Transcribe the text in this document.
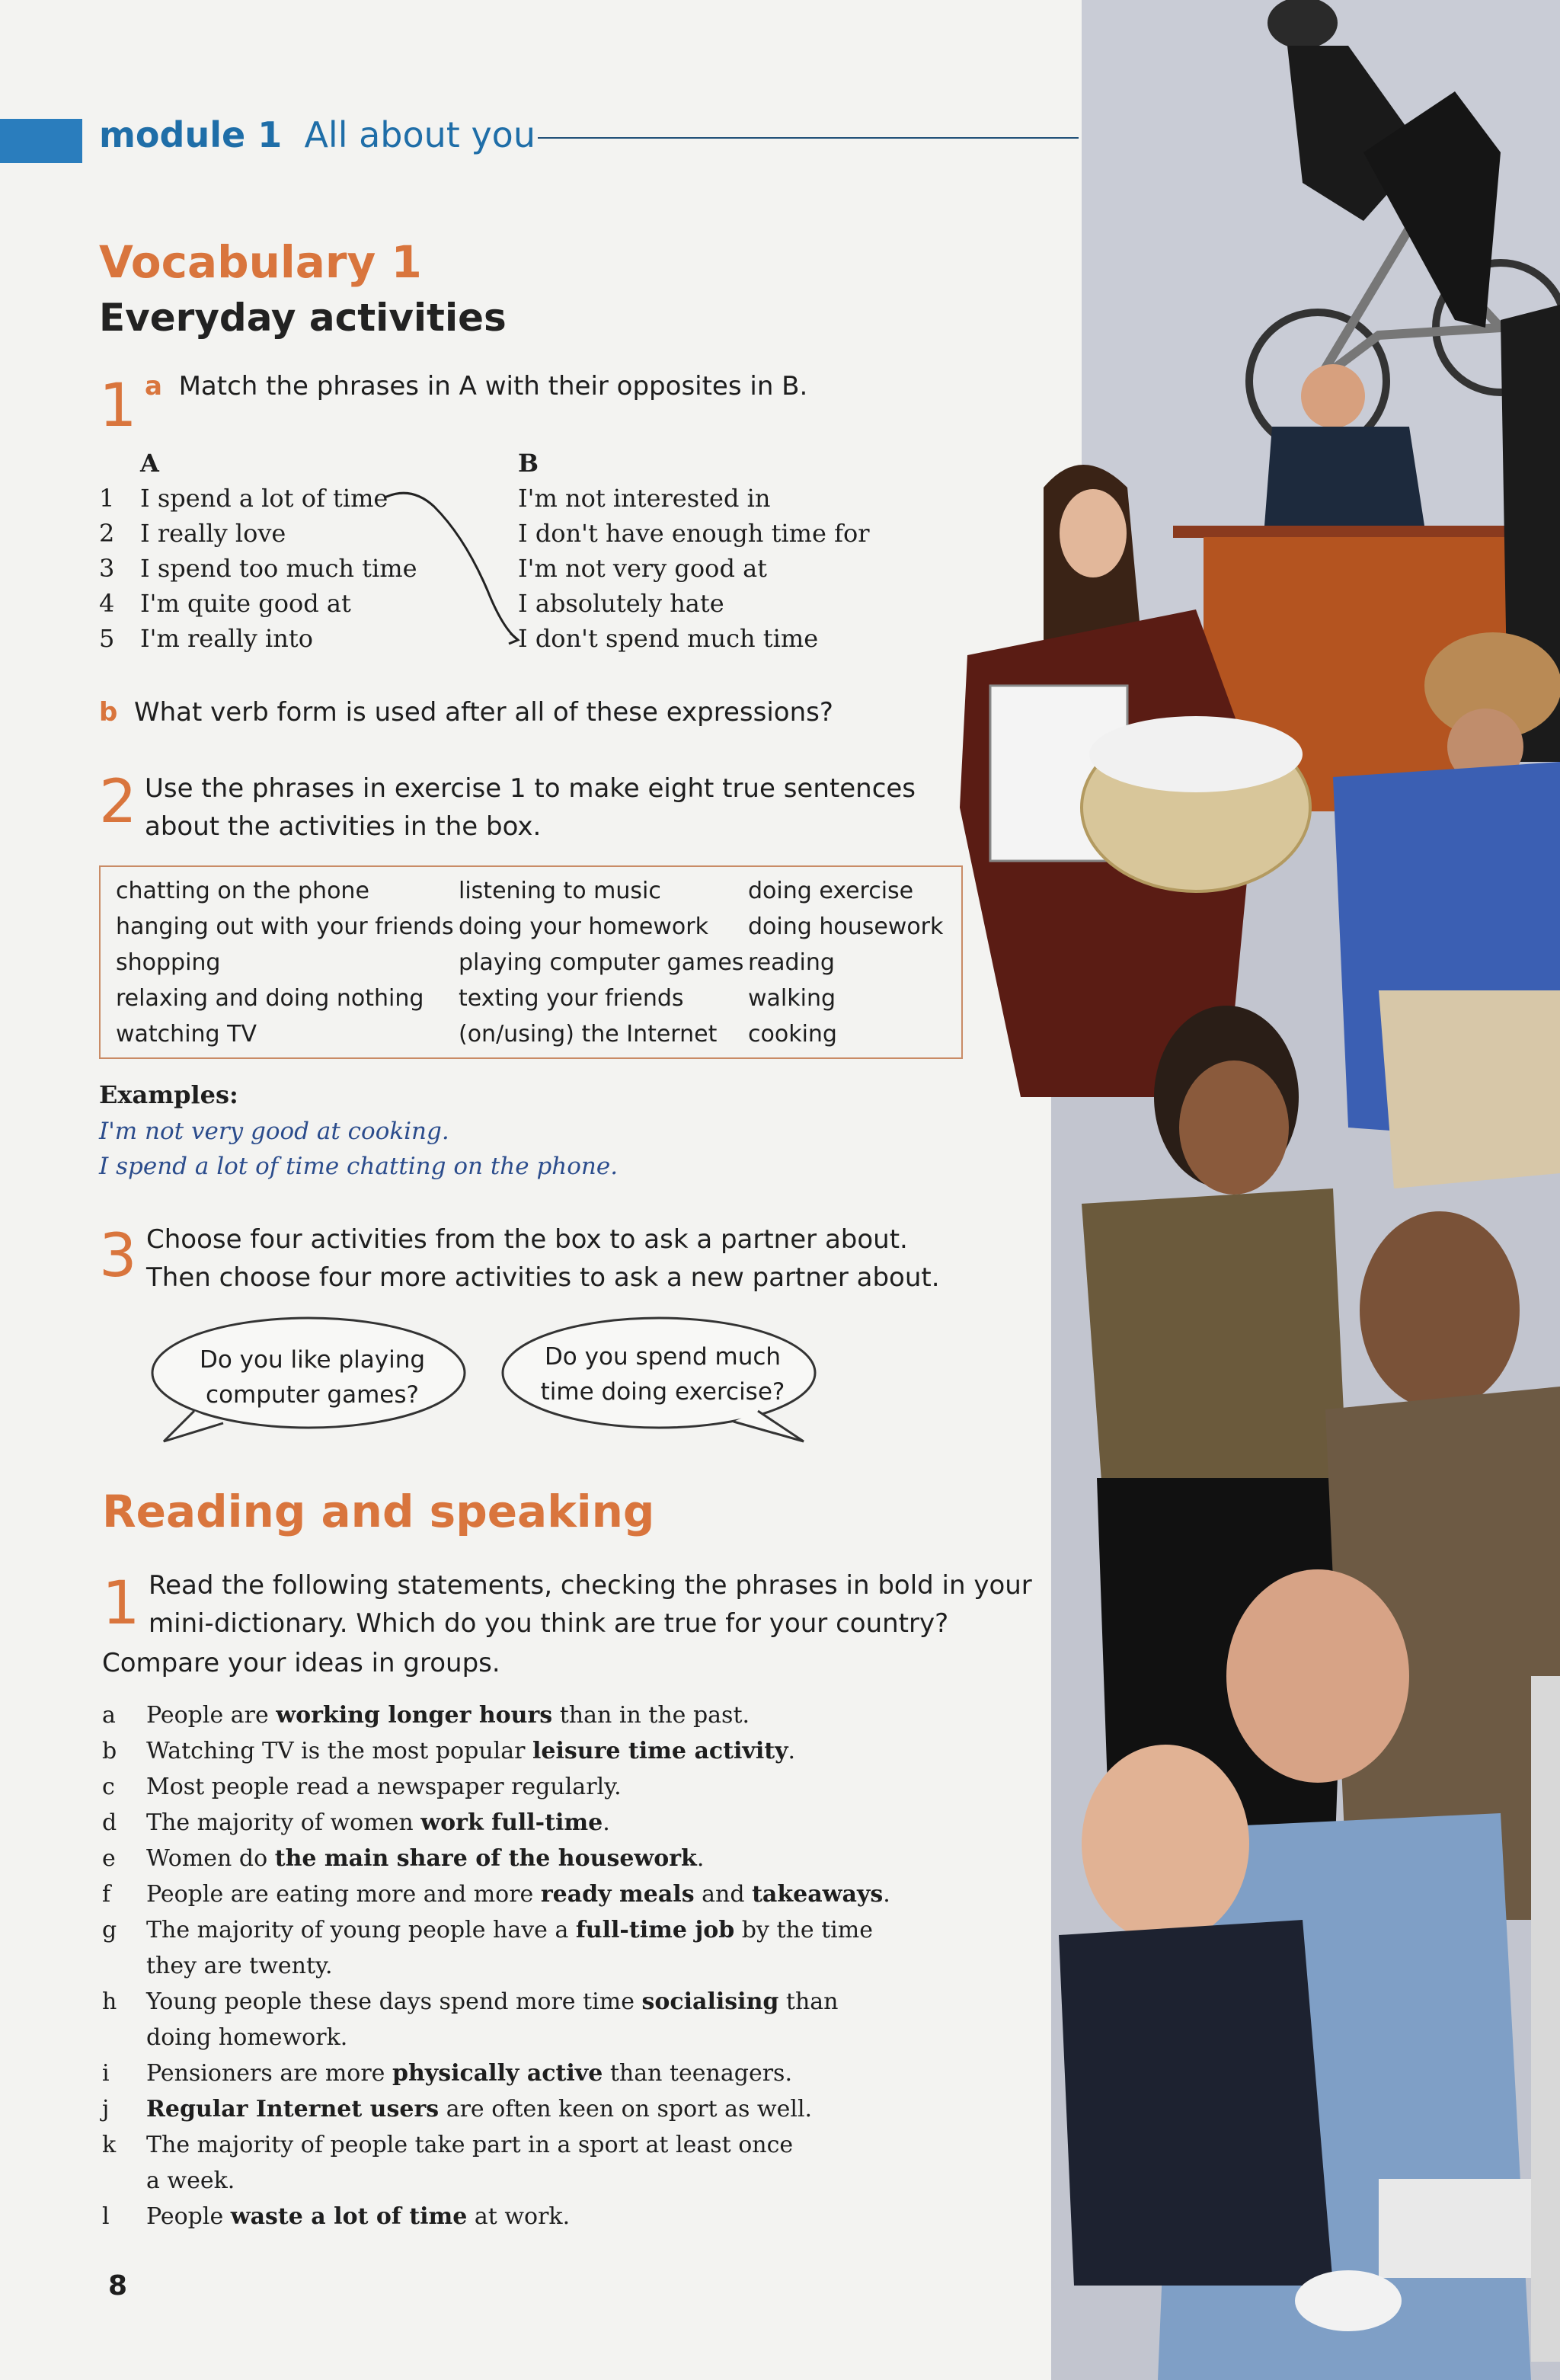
module 1 All about you
Vocabulary 1
Everyday activities
1 a Match the phrases in A with their opposites in B.
A
1 I spend a lot of time
2 I really love
3 I spend too much time
4 I'm quite good at
5 I'm really into
B
I'm not interested in
I don't have enough time for
I'm not very good at
I absolutely hate
I don't spend much time
b What verb form is used after all of these expressions?
2 Use the phrases in exercise 1 to make eight true sentences
about the activities in the box.
chatting on the phone
hanging out with your friends
shopping
relaxing and doing nothing
watching TV
listening to music
doing your homework
playing computer games
texting your friends
(on/using) the Internet
doing exercise
doing housework
reading
walking
cooking
Examples:
I'm not very good at cooking.
I spend a lot of time chatting on the phone.
3 Choose four activities from the box to ask a partner about.
Then choose four more activities to ask a new partner about.
Do you like playing
computer games?
Do you spend much
time doing exercise?
Reading and speaking
1 Read the following statements, checking the phrases in bold in your
mini-dictionary. Which do you think are true for your country?
Compare your ideas in groups.
a People are working longer hours than in the past.
b Watching TV is the most popular leisure time activity.
c Most people read a newspaper regularly.
d The majority of women work full-time.
e Women do the main share of the housework.
f People are eating more and more ready meals and takeaways.
g The majority of young people have a full-time job by the time
they are twenty.
h Young people these days spend more time socialising than
doing homework.
i Pensioners are more physically active than teenagers.
j Regular Internet users are often keen on sport as well.
k The majority of people take part in a sport at least once
a week.
l People waste a lot of time at work.
8
